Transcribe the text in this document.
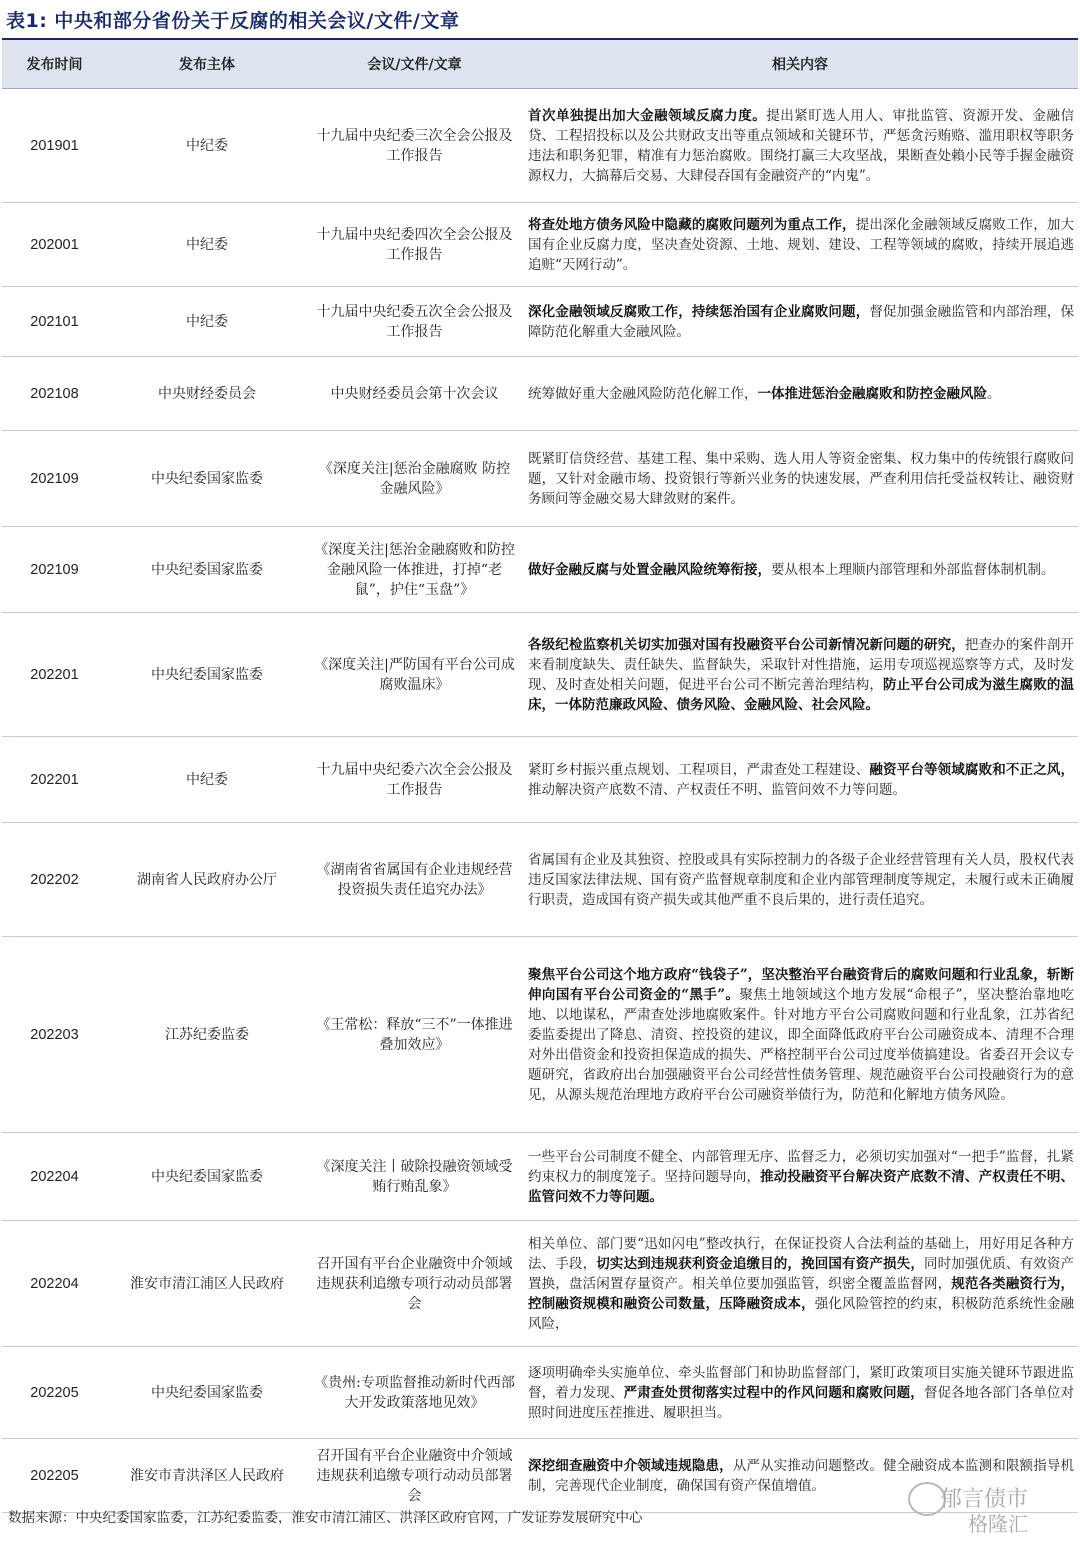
表1: 中央和部分省份关于反腐的相关会议/文件/文章
发布时间	发布主体	会议/文件/文章	相关内容
201901	中纪委	十九届中央纪委三次全会公报及工作报告	首次单独提出加大金融领域反腐力度。提出紧盯选人用人、审批监管、资源开发、金融信贷、工程招投标以及公共财政支出等重点领域和关键环节，严惩贪污贿赂、滥用职权等职务违法和职务犯罪，精准有力惩治腐败。围绕打赢三大攻坚战，果断查处賴小民等手握金融资源权力，大搞幕后交易、大肆侵吞国有金融资产的“内鬼”。
202001	中纪委	十九届中央纪委四次全会公报及工作报告	将查处地方债务风险中隐藏的腐败问题列为重点工作，提出深化金融领域反腐败工作，加大国有企业反腐力度，坚决查处资源、土地、规划、建设、工程等领域的腐败，持续开展追逃追赃“天网行动”。
202101	中纪委	十九届中央纪委五次全会公报及工作报告	深化金融领域反腐败工作，持续惩治国有企业腐败问题，督促加强金融监管和内部治理，保障防范化解重大金融风险。
202108	中央财经委员会	中央财经委员会第十次会议	统筹做好重大金融风险防范化解工作，一体推进惩治金融腐败和防控金融风险。
202109	中央纪委国家监委	《深度关注|惩治金融腐败 防控金融风险》	既紧盯信贷经营、基建工程、集中采购、选人用人等资金密集、权力集中的传统银行腐败问题，又针对金融市场、投资银行等新兴业务的快速发展，严查利用信托受益权转让、融资财务顾问等金融交易大肆敛财的案件。
202109	中央纪委国家监委	《深度关注|惩治金融腐败和防控金融风险一体推进，打掉“老鼠”，护住“玉盘”》	做好金融反腐与处置金融风险统筹衔接，要从根本上理顺内部管理和外部监督体制机制。
202201	中央纪委国家监委	《深度关注|严防国有平台公司成腐败温床》	各级纪检监察机关切实加强对国有投融资平台公司新情况新问题的研究，把查办的案件剖开来看制度缺失、责任缺失、监督缺失，采取针对性措施，运用专项巡视巡察等方式，及时发现、及时查处相关问题，促进平台公司不断完善治理结构，防止平台公司成为滋生腐败的温床，一体防范廉政风险、债务风险、金融风险、社会风险。
202201	中纪委	十九届中央纪委六次全会公报及工作报告	紧盯乡村振兴重点规划、工程项目，严肃查处工程建设、融资平台等领域腐败和不正之风，推动解决资产底数不清、产权责任不明、监管问效不力等问题。
202202	湖南省人民政府办公厅	《湖南省省属国有企业违规经营投资损失责任追究办法》	省属国有企业及其独资、控股或具有实际控制力的各级子企业经营管理有关人员，股权代表违反国家法律法规、国有资产监督规章制度和企业内部管理制度等规定，未履行或未正确履行职责，造成国有资产损失或其他严重不良后果的，进行责任追究。
202203	江苏纪委监委	《王常松：释放“三不”一体推进叠加效应》	聚焦平台公司这个地方政府“钱袋子”，坚决整治平台融资背后的腐败问题和行业乱象，斩断伸向国有平台公司资金的“黑手”。聚焦土地领域这个地方发展“命根子”，坚决整治靠地吃地、以地谋私，严肃查处涉地腐败案件。针对地方平台公司腐败问题和行业乱象，江苏省纪委监委提出了降息、清资、控投资的建议，即全面降低政府平台公司融资成本、清理不合理对外出借资金和投资担保造成的损失、严格控制平台公司过度举债搞建设。省委召开会议专题研究，省政府出台加强融资平台公司经营性债务管理、规范融资平台公司投融资行为的意见，从源头规范治理地方政府平台公司融资举债行为，防范和化解地方债务风险。
202204	中央纪委国家监委	《深度关注丨破除投融资领域受贿行贿乱象》	一些平台公司制度不健全、内部管理无序、监督乏力，必须切实加强对“一把手”监督，扎紧约束权力的制度笼子。坚持问题导向，推动投融资平台解决资产底数不清、产权责任不明、监管问效不力等问题。
202204	淮安市清江浦区人民政府	召开国有平台企业融资中介领域违规获利追缴专项行动动员部署会	相关单位、部门要“迅如闪电”整改执行，在保证投资人合法利益的基础上，用好用足各种方法、手段，切实达到违规获利资金追缴目的，挽回国有资产损失，同时加强优质、有效资产置换，盘活闲置存量资产。相关单位要加强监管，织密全覆盖监督网，规范各类融资行为，控制融资规模和融资公司数量，压降融资成本，强化风险管控的约束，积极防范系统性金融风险，
202205	中央纪委国家监委	《贵州:专项监督推动新时代西部大开发政策落地见效》	逐项明确牵头实施单位、牵头监督部门和协助监督部门，紧盯政策项目实施关键环节跟进监督，着力发现、严肃查处贯彻落实过程中的作风问题和腐败问题，督促各地各部门各单位对照时间进度压茬推进、履职担当。
202205	淮安市青洪泽区人民政府	召开国有平台企业融资中介领域违规获利追缴专项行动动员部署会	深挖细查融资中介领域违规隐患，从严从实推动问题整改。健全融资成本监测和限额指导机制，完善现代企业制度，确保国有资产保值增值。
数据来源：中央纪委国家监委，江苏纪委监委，淮安市清江浦区、洪泽区政府官网，广发证券发展研究中心
郁言债市
格隆汇
